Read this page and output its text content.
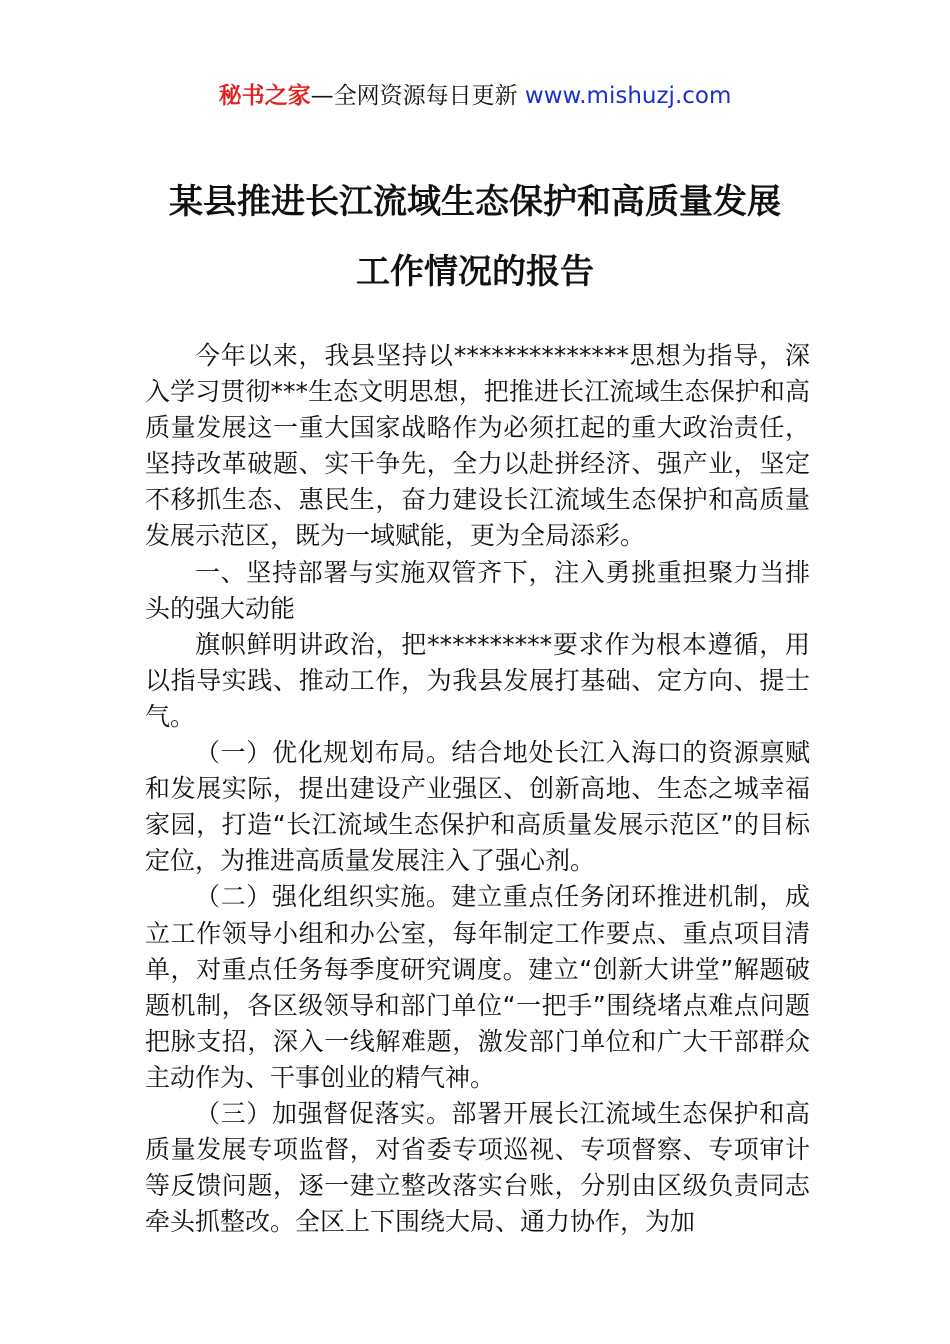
秘书之家—全网资源每日更新 www.mishuzj.com
某县推进长江流域生态保护和高质量发展
工作情况的报告

今年以来，我县坚持以**************思想为指导，深入学习贯彻***生态文明思想，把推进长江流域生态保护和高质量发展这一重大国家战略作为必须扛起的重大政治责任，坚持改革破题、实干争先，全力以赴拼经济、强产业，坚定不移抓生态、惠民生，奋力建设长江流域生态保护和高质量发展示范区，既为一域赋能，更为全局添彩。

一、坚持部署与实施双管齐下，注入勇挑重担聚力当排头的强大动能

旗帜鲜明讲政治，把**********要求作为根本遵循，用以指导实践、推动工作，为我县发展打基础、定方向、提士气。

（一）优化规划布局。结合地处长江入海口的资源禀赋和发展实际，提出建设产业强区、创新高地、生态之城幸福家园，打造“长江流域生态保护和高质量发展示范区”的目标定位，为推进高质量发展注入了强心剂。

（二）强化组织实施。建立重点任务闭环推进机制，成立工作领导小组和办公室，每年制定工作要点、重点项目清单，对重点任务每季度研究调度。建立“创新大讲堂”解题破题机制，各区级领导和部门单位“一把手”围绕堵点难点问题把脉支招，深入一线解难题，激发部门单位和广大干部群众主动作为、干事创业的精气神。

（三）加强督促落实。部署开展长江流域生态保护和高质量发展专项监督，对省委专项巡视、专项督察、专项审计等反馈问题，逐一建立整改落实台账，分别由区级负责同志牵头抓整改。全区上下围绕大局、通力协作，为加
